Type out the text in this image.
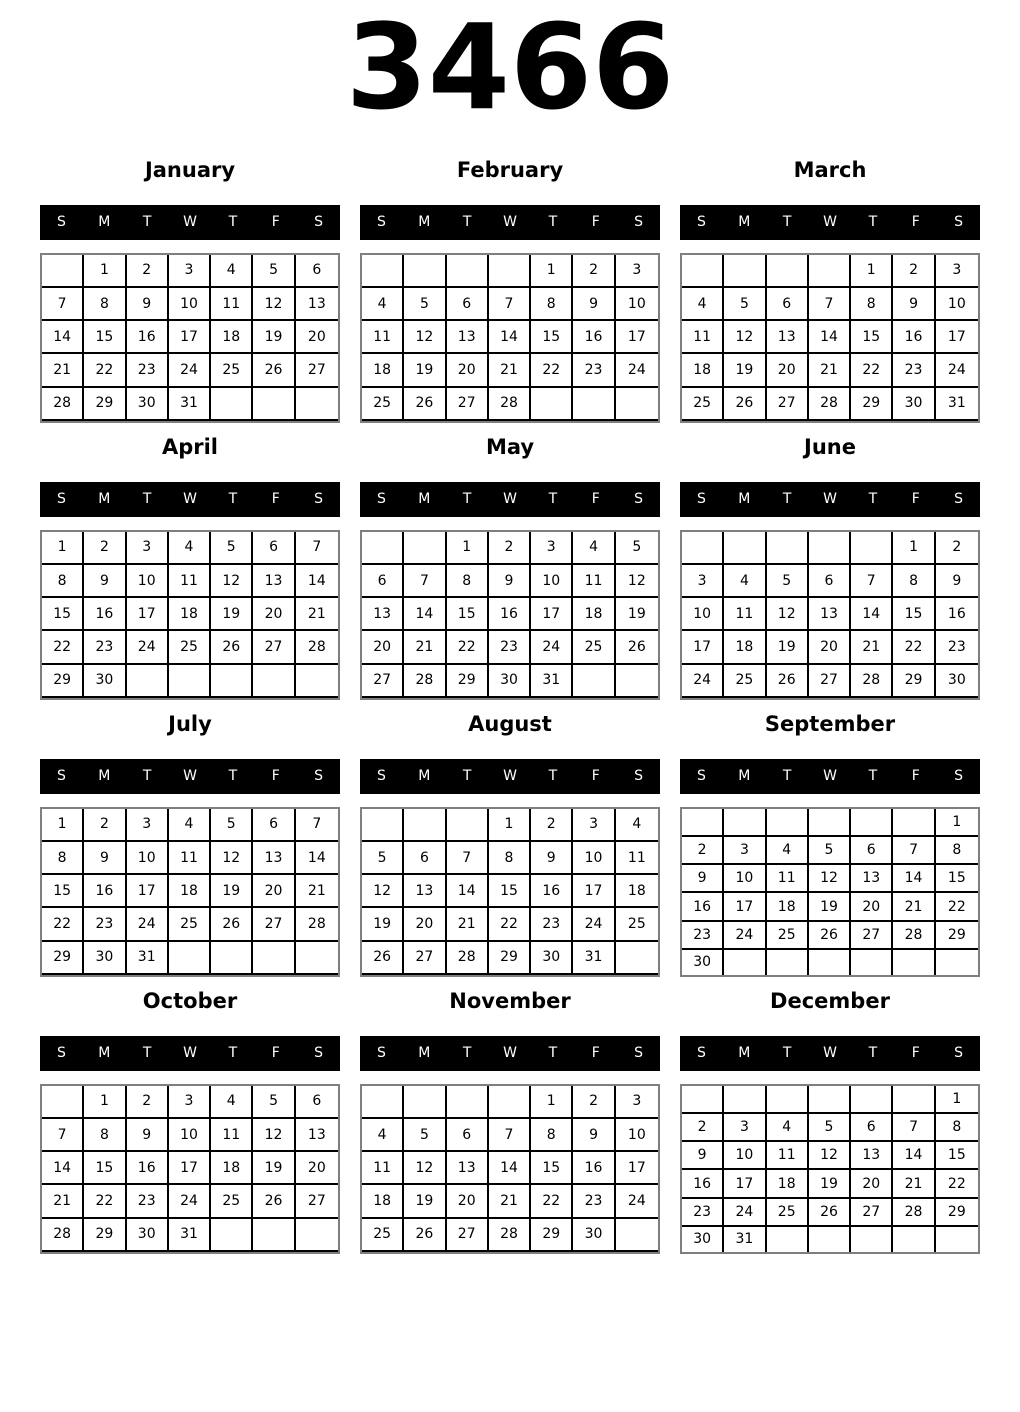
3466
January
S	M	T	W	T	F	S
	1	2	3	4	5	6
7	8	9	10	11	12	13
14	15	16	17	18	19	20
21	22	23	24	25	26	27
28	29	30	31			

February
S	M	T	W	T	F	S
				1	2	3
4	5	6	7	8	9	10
11	12	13	14	15	16	17
18	19	20	21	22	23	24
25	26	27	28			

March
S	M	T	W	T	F	S
				1	2	3
4	5	6	7	8	9	10
11	12	13	14	15	16	17
18	19	20	21	22	23	24
25	26	27	28	29	30	31

April
S	M	T	W	T	F	S
1	2	3	4	5	6	7
8	9	10	11	12	13	14
15	16	17	18	19	20	21
22	23	24	25	26	27	28
29	30					

May
S	M	T	W	T	F	S
		1	2	3	4	5
6	7	8	9	10	11	12
13	14	15	16	17	18	19
20	21	22	23	24	25	26
27	28	29	30	31		

June
S	M	T	W	T	F	S
					1	2
3	4	5	6	7	8	9
10	11	12	13	14	15	16
17	18	19	20	21	22	23
24	25	26	27	28	29	30

July
S	M	T	W	T	F	S
1	2	3	4	5	6	7
8	9	10	11	12	13	14
15	16	17	18	19	20	21
22	23	24	25	26	27	28
29	30	31				

August
S	M	T	W	T	F	S
			1	2	3	4
5	6	7	8	9	10	11
12	13	14	15	16	17	18
19	20	21	22	23	24	25
26	27	28	29	30	31	

September
S	M	T	W	T	F	S
						1
2	3	4	5	6	7	8
9	10	11	12	13	14	15
16	17	18	19	20	21	22
23	24	25	26	27	28	29
30						
October
S	M	T	W	T	F	S
	1	2	3	4	5	6
7	8	9	10	11	12	13
14	15	16	17	18	19	20
21	22	23	24	25	26	27
28	29	30	31			

November
S	M	T	W	T	F	S
				1	2	3
4	5	6	7	8	9	10
11	12	13	14	15	16	17
18	19	20	21	22	23	24
25	26	27	28	29	30	

December
S	M	T	W	T	F	S
						1
2	3	4	5	6	7	8
9	10	11	12	13	14	15
16	17	18	19	20	21	22
23	24	25	26	27	28	29
30	31					
